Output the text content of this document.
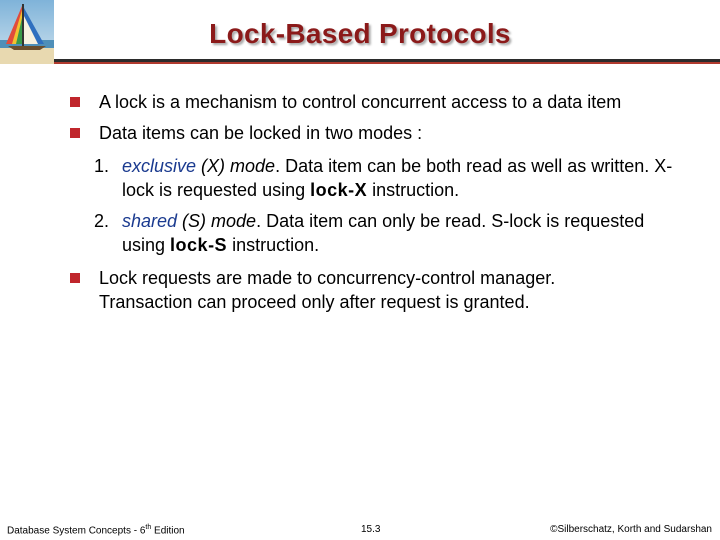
Lock-Based Protocols
A lock is a mechanism to control concurrent access to a data item
Data items can be locked in two modes :
1. exclusive (X) mode. Data item can be both read as well as written. X-lock is requested using lock-X instruction.
2. shared (S) mode. Data item can only be read. S-lock is requested using lock-S instruction.
Lock requests are made to concurrency-control manager. Transaction can proceed only after request is granted.
Database System Concepts - 6th Edition	15.3	©Silberschatz, Korth and Sudarshan
